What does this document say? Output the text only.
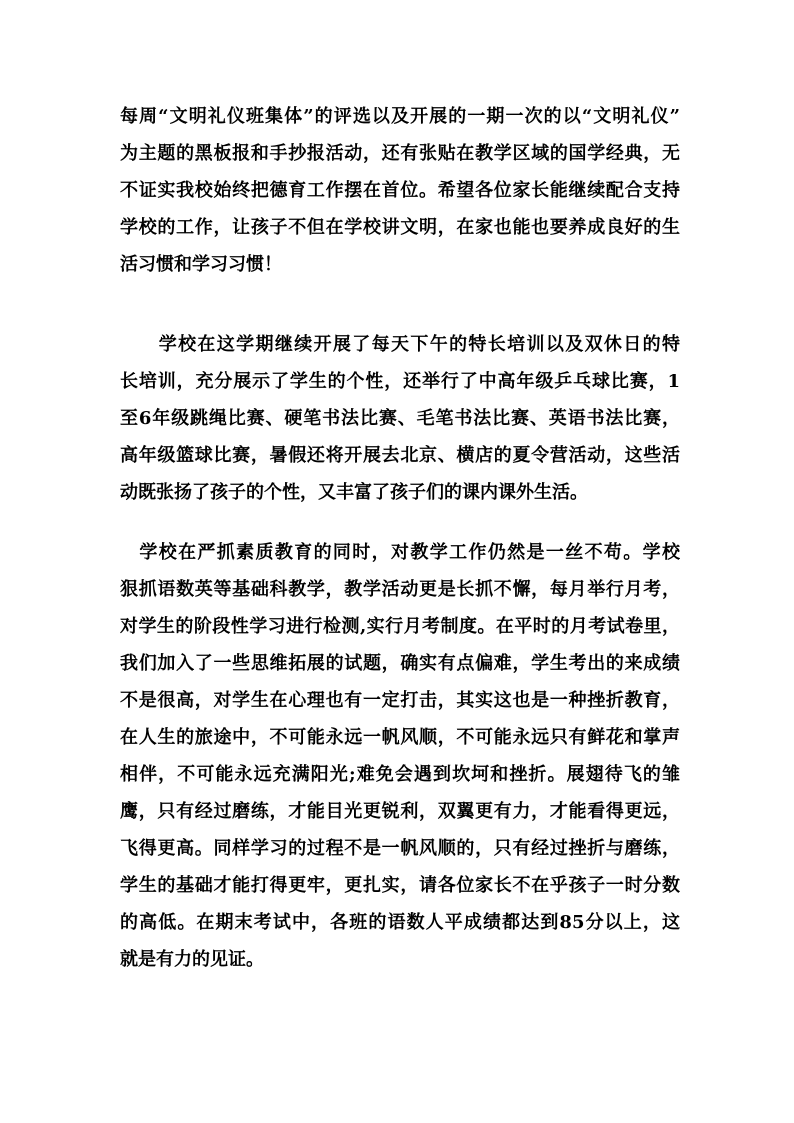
每周“文明礼仪班集体”的评选以及开展的一期一次的以“文明礼仪”
为主题的黑板报和手抄报活动，还有张贴在教学区域的国学经典，无
不证实我校始终把德育工作摆在首位。希望各位家长能继续配合支持
学校的工作，让孩子不但在学校讲文明，在家也能也要养成良好的生
活习惯和学习习惯！

　　学校在这学期继续开展了每天下午的特长培训以及双休日的特
长培训，充分展示了学生的个性，还举行了中高年级乒乓球比赛，1
至6年级跳绳比赛、硬笔书法比赛、毛笔书法比赛、英语书法比赛，
高年级篮球比赛，暑假还将开展去北京、横店的夏令营活动，这些活
动既张扬了孩子的个性，又丰富了孩子们的课内课外生活。

　学校在严抓素质教育的同时，对教学工作仍然是一丝不苟。学校
狠抓语数英等基础科教学，教学活动更是长抓不懈，每月举行月考，
对学生的阶段性学习进行检测,实行月考制度。在平时的月考试卷里，
我们加入了一些思维拓展的试题，确实有点偏难，学生考出的来成绩
不是很高，对学生在心理也有一定打击，其实这也是一种挫折教育，
在人生的旅途中，不可能永远一帆风顺，不可能永远只有鲜花和掌声
相伴，不可能永远充满阳光;难免会遇到坎坷和挫折。展翅待飞的雏
鹰，只有经过磨练，才能目光更锐利，双翼更有力，才能看得更远，
飞得更高。同样学习的过程不是一帆风顺的，只有经过挫折与磨练，
学生的基础才能打得更牢，更扎实，请各位家长不在乎孩子一时分数
的高低。在期末考试中，各班的语数人平成绩都达到85分以上，这
就是有力的见证。
